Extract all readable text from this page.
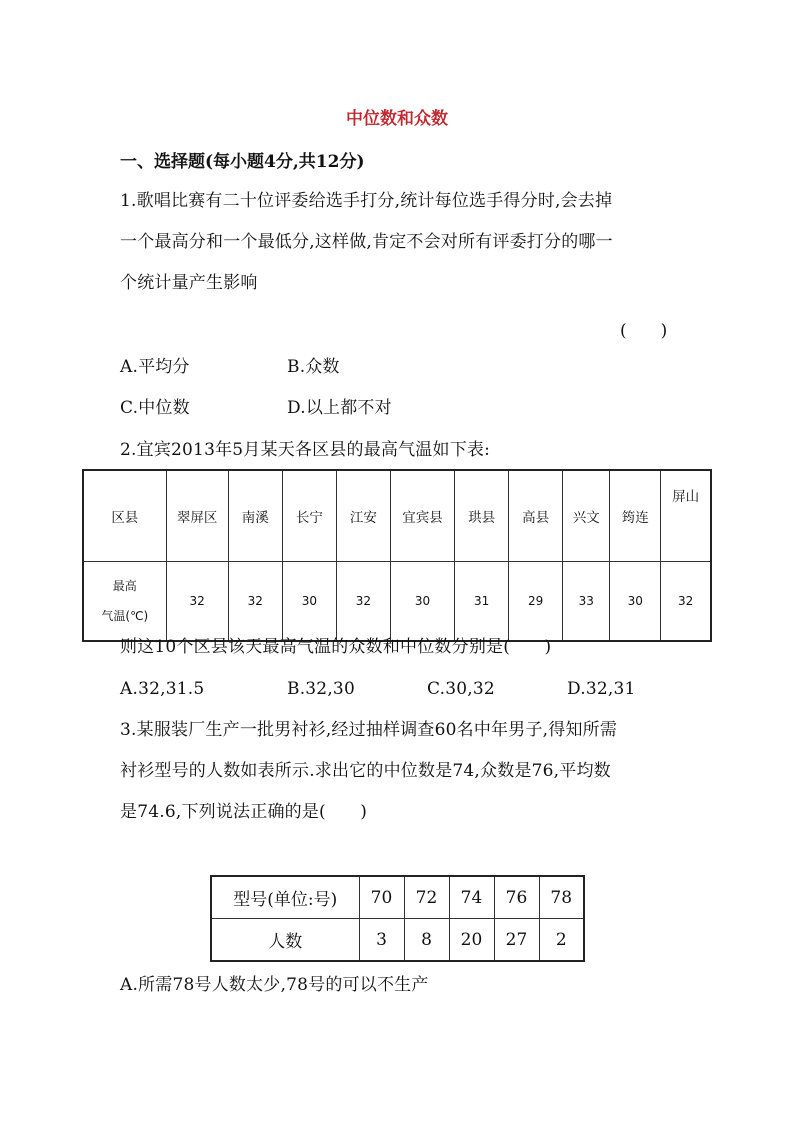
中位数和众数
一、选择题(每小题4分,共12分)
1.歌唱比赛有二十位评委给选手打分,统计每位选手得分时,会去掉
一个最高分和一个最低分,这样做,肯定不会对所有评委打分的哪一
个统计量产生影响
(　　)
A.平均分	B.众数
C.中位数	D.以上都不对
2.宜宾2013年5月某天各区县的最高气温如下表:
区县	翠屏区	南溪	长宁	江安	宜宾县	珙县	高县	兴文	筠连	屏山

最高
气温(℃)	32	32	30	32	30	31	29	33	30	32
则这10个区县该天最高气温的众数和中位数分别是(　　)
A.32,31.5	B.32,30	C.30,32	D.32,31
3.某服装厂生产一批男衬衫,经过抽样调查60名中年男子,得知所需
衬衫型号的人数如表所示.求出它的中位数是74,众数是76,平均数
是74.6,下列说法正确的是(　　)
型号(单位:号)	70	72	74	76	78
人数	3	8	20	27	2
A.所需78号人数太少,78号的可以不生产
